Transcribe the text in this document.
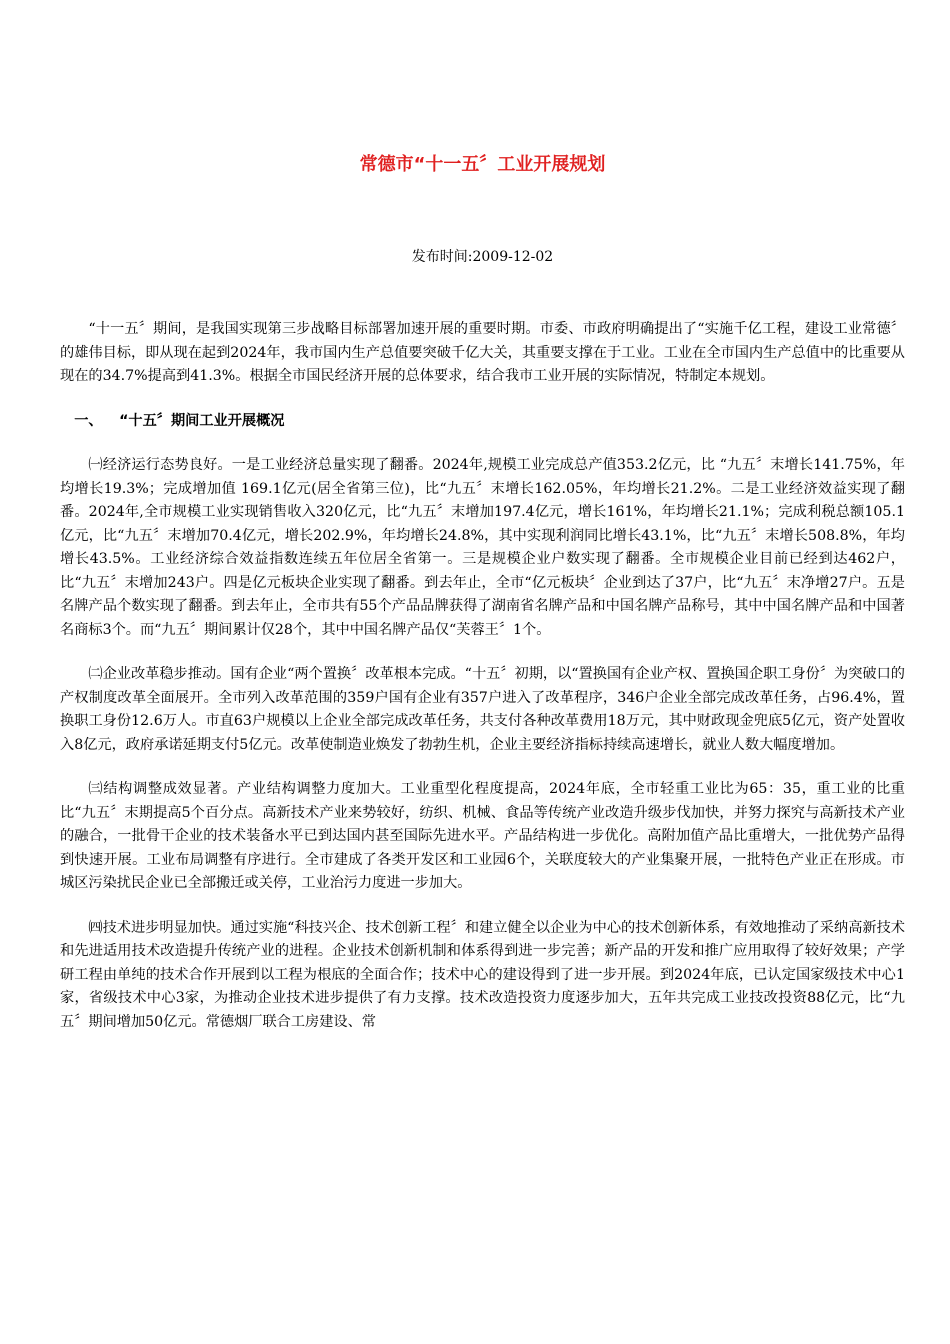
常德市“十一五〞工业开展规划
发布时间:2009-12-02

“十一五〞期间，是我国实现第三步战略目标部署加速开展的重要时期。市委、市政府明确提出了“实施千亿工程，建设工业常德〞的雄伟目标，即从现在起到2024年，我市国内生产总值要突破千亿大关，其重要支撑在于工业。工业在全市国内生产总值中的比重要从现在的34.7%提高到41.3%。根据全市国民经济开展的总体要求，结合我市工业开展的实际情况，特制定本规划。

一、 “十五〞期间工业开展概况

㈠经济运行态势良好。一是工业经济总量实现了翻番。2024年,规模工业完成总产值353.2亿元，比 “九五〞末增长141.75%，年均增长19.3%；完成增加值 169.1亿元(居全省第三位)，比“九五〞末增长162.05%，年均增长21.2%。二是工业经济效益实现了翻番。2024年,全市规模工业实现销售收入320亿元，比“九五〞末增加197.4亿元，增长161%，年均增长21.1%；完成利税总额105.1亿元，比“九五〞末增加70.4亿元，增长202.9%，年均增长24.8%，其中实现利润同比增长43.1%，比“九五〞末增长508.8%，年均增长43.5%。工业经济综合效益指数连续五年位居全省第一。三是规模企业户数实现了翻番。全市规模企业目前已经到达462户，比“九五〞末增加243户。四是亿元板块企业实现了翻番。到去年止，全市“亿元板块〞企业到达了37户，比“九五〞末净增27户。五是名牌产品个数实现了翻番。到去年止，全市共有55个产品品牌获得了湖南省名牌产品和中国名牌产品称号，其中中国名牌产品和中国著名商标3个。而“九五〞期间累计仅28个，其中中国名牌产品仅“芙蓉王〞1个。

㈡企业改革稳步推动。国有企业“两个置换〞改革根本完成。“十五〞初期，以“置换国有企业产权、置换国企职工身份〞为突破口的产权制度改革全面展开。全市列入改革范围的359户国有企业有357户进入了改革程序，346户企业全部完成改革任务，占96.4%，置换职工身份12.6万人。市直63户规模以上企业全部完成改革任务，共支付各种改革费用18万元，其中财政现金兜底5亿元，资产处置收入8亿元，政府承诺延期支付5亿元。改革使制造业焕发了勃勃生机，企业主要经济指标持续高速增长，就业人数大幅度增加。

㈢结构调整成效显著。产业结构调整力度加大。工业重型化程度提高，2024年底，全市轻重工业比为65：35，重工业的比重比“九五〞末期提高5个百分点。高新技术产业来势较好，纺织、机械、食品等传统产业改造升级步伐加快，并努力探究与高新技术产业的融合，一批骨干企业的技术装备水平已到达国内甚至国际先进水平。产品结构进一步优化。高附加值产品比重增大，一批优势产品得到快速开展。工业布局调整有序进行。全市建成了各类开发区和工业园6个，关联度较大的产业集聚开展，一批特色产业正在形成。市城区污染扰民企业已全部搬迁或关停，工业治污力度进一步加大。

㈣技术进步明显加快。通过实施“科技兴企、技术创新工程〞和建立健全以企业为中心的技术创新体系，有效地推动了采纳高新技术和先进适用技术改造提升传统产业的进程。企业技术创新机制和体系得到进一步完善；新产品的开发和推广应用取得了较好效果；产学研工程由单纯的技术合作开展到以工程为根底的全面合作；技术中心的建设得到了进一步开展。到2024年底，已认定国家级技术中心1家，省级技术中心3家，为推动企业技术进步提供了有力支撑。技术改造投资力度逐步加大，五年共完成工业技改投资88亿元，比“九五〞期间增加50亿元。常德烟厂联合工房建设、常
